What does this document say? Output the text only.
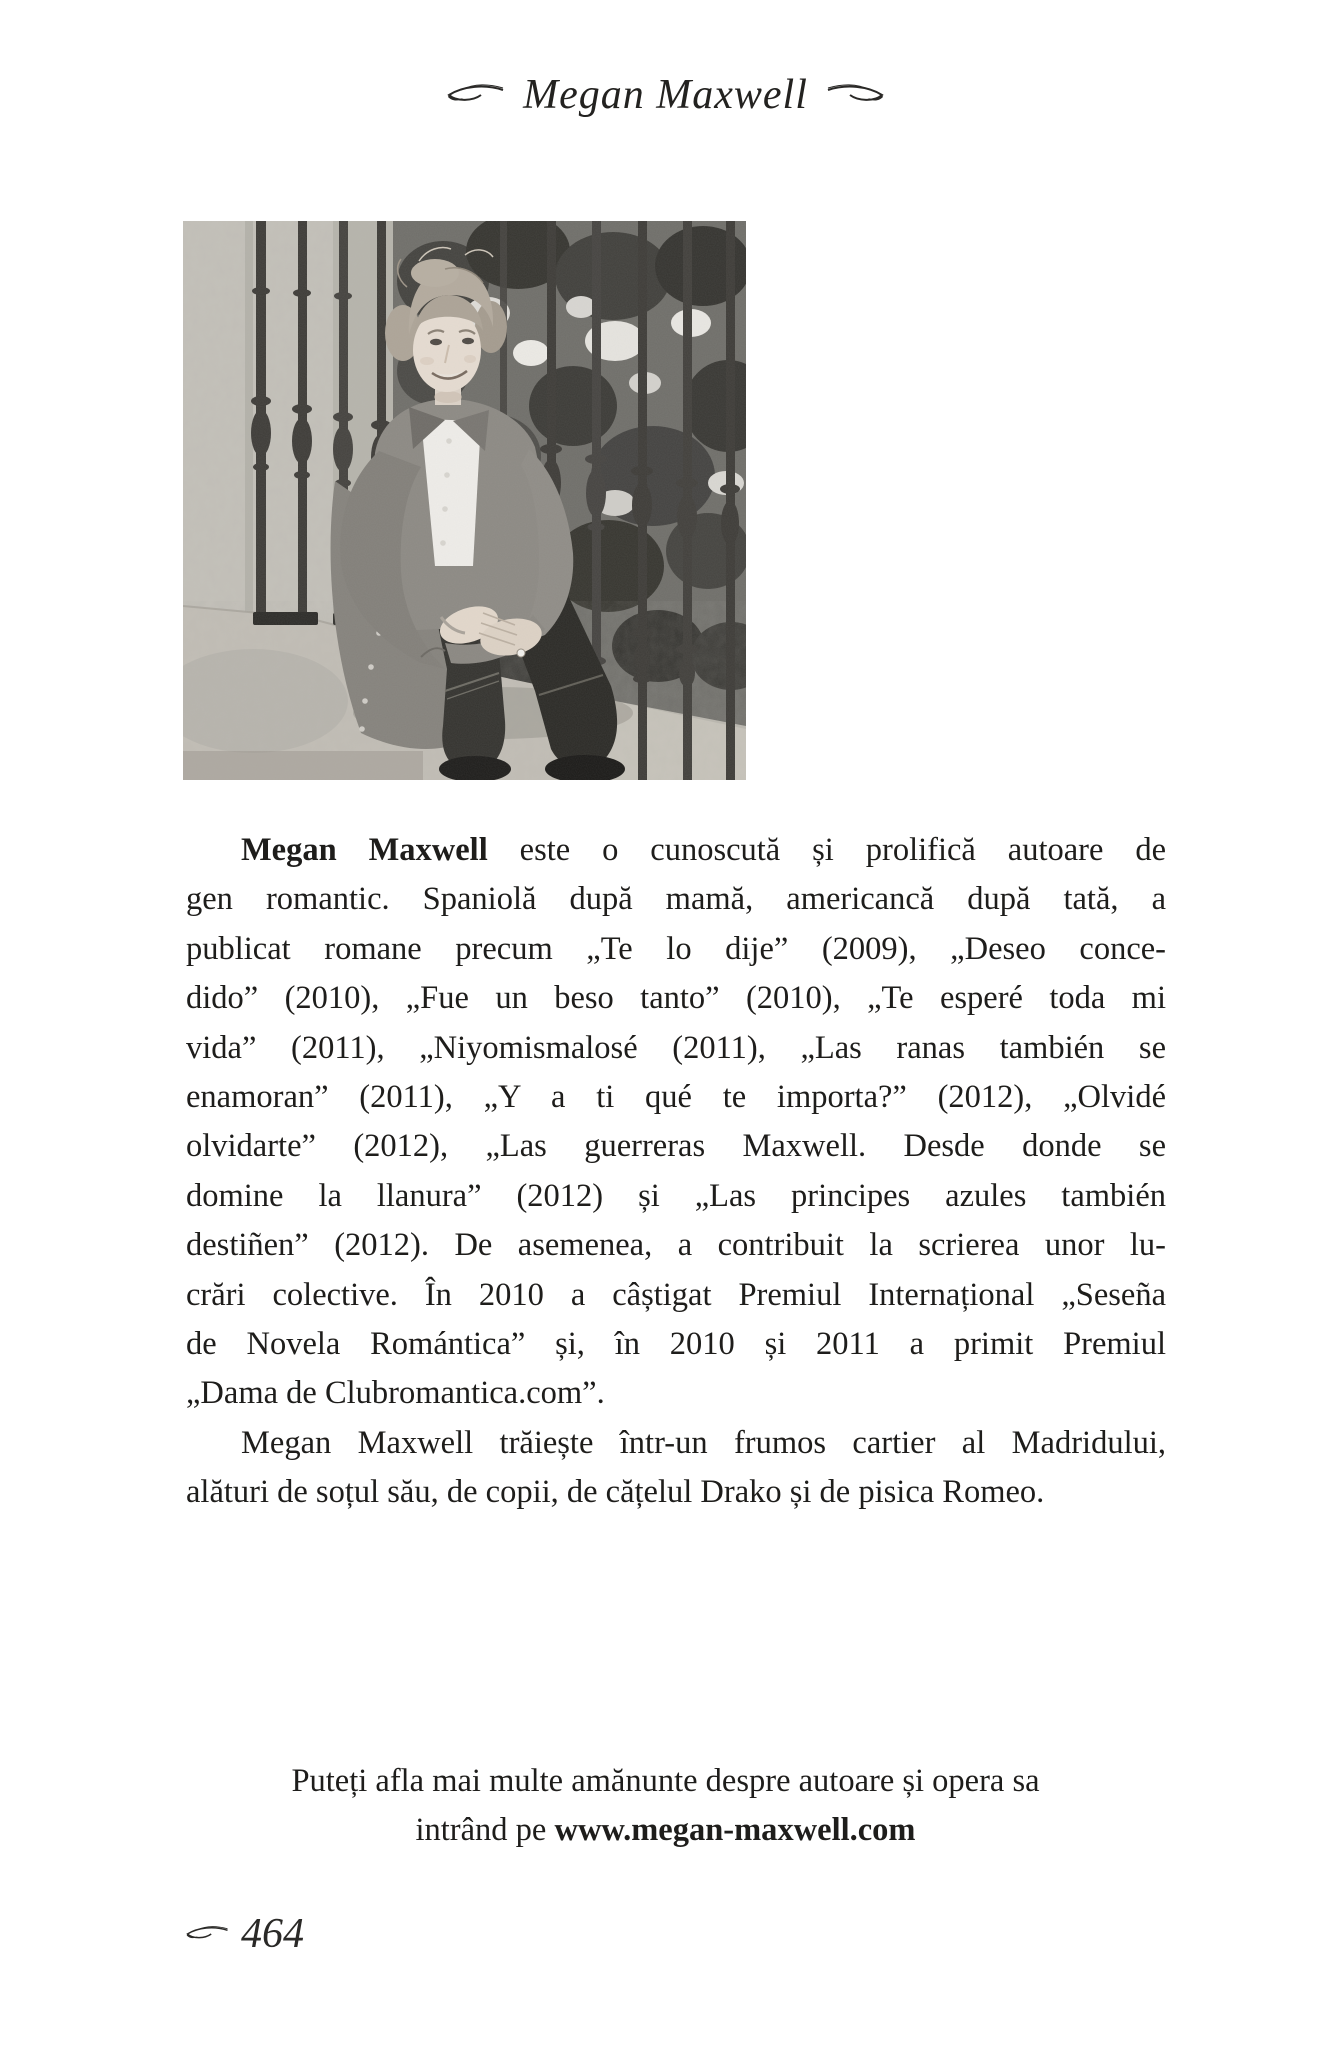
Megan Maxwell
Megan Maxwell este o cunoscută și prolifică autoare de
gen romantic. Spaniolă după mamă, americancă după tată, a
publicat romane precum „Te lo dije” (2009), „Deseo conce-
dido” (2010), „Fue un beso tanto” (2010), „Te esperé toda mi
vida” (2011), „Niyomismalosé (2011), „Las ranas también se
enamoran” (2011), „Y a ti qué te importa?” (2012), „Olvidé
olvidarte” (2012), „Las guerreras Maxwell. Desde donde se
domine la llanura” (2012) și „Las principes azules también
destiñen” (2012). De asemenea, a contribuit la scrierea unor lu-
crări colective. În 2010 a câștigat Premiul Internațional „Seseña
de Novela Romántica” și, în 2010 și 2011 a primit Premiul
„Dama de Clubromantica.com”.
Megan Maxwell trăiește într-un frumos cartier al Madridului,
alături de soțul său, de copii, de cățelul Drako și de pisica Romeo.
Puteți afla mai multe amănunte despre autoare și opera sa
intrând pe www.megan-maxwell.com
464
